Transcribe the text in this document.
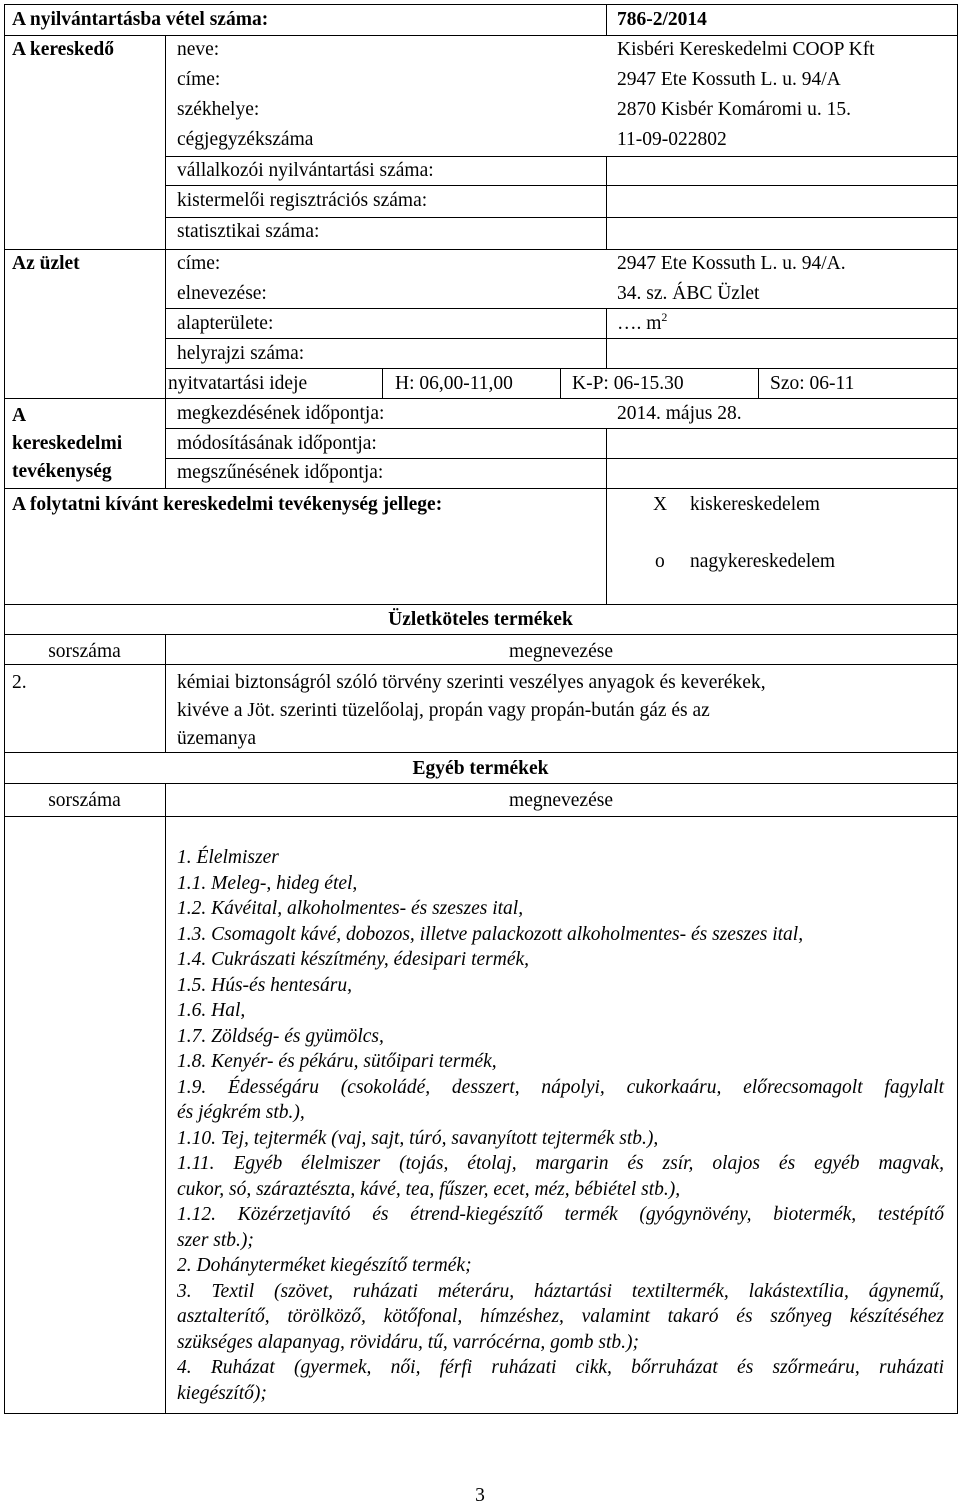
A nyilvántartásba vétel száma:	786-2/2014
A kereskedő	neve:	Kisbéri Kereskedelmi COOP Kft
címe:	2947 Ete Kossuth L. u. 94/A
székhelye:	2870 Kisbér Komáromi u. 15.
cégjegyzékszáma	11-09-022802
vállalkozói nyilvántartási száma:
kistermelői regisztrációs száma:
statisztikai száma:
Az üzlet	címe:	2947 Ete Kossuth L. u. 94/A.
elnevezése:	34. sz. ÁBC Üzlet
alapterülete:	…. $m^2$
helyrajzi száma:
nyitvatartási ideje	H: 06,00-11,00	K-P: 06-15.30	Szo: 06-11
A
kereskedelmi
tevékenység
megkezdésének időpontja:	2014. május 28.
módosításának időpontja:
megszűnésének időpontja:
A folytatni kívánt kereskedelmi tevékenység jellege:	X kiskereskedelem
o nagykereskedelem
Üzletköteles termékek
sorszáma	megnevezése
2.	kémiai biztonságról szóló törvény szerinti veszélyes anyagok és keverékek,
kivéve a Jöt. szerinti tüzelőolaj, propán vagy propán-bután gáz és az
üzemanya
Egyéb termékek
sorszáma	megnevezése
1. Élelmiszer
1.1. Meleg-, hideg étel,
1.2. Kávéital, alkoholmentes- és szeszes ital,
1.3. Csomagolt kávé, dobozos, illetve palackozott alkoholmentes- és szeszes ital,
1.4. Cukrászati készítmény, édesipari termék,
1.5. Hús-és hentesáru,
1.6. Hal,
1.7. Zöldség- és gyümölcs,
1.8. Kenyér- és pékáru, sütőipari termék,
1.9. Édességáru (csokoládé, desszert, nápolyi, cukorkaáru, előrecsomagolt fagylalt
és jégkrém stb.),
1.10. Tej, tejtermék (vaj, sajt, túró, savanyított tejtermék stb.),
1.11. Egyéb élelmiszer (tojás, étolaj, margarin és zsír, olajos és egyéb magvak,
cukor, só, száraztészta, kávé, tea, fűszer, ecet, méz, bébiétel stb.),
1.12. Közérzetjavító és étrend-kiegészítő termék (gyógynövény, biotermék, testépítő
szer stb.);
2. Dohányterméket kiegészítő termék;
3. Textil (szövet, ruházati méteráru, háztartási textiltermék, lakástextília, ágynemű,
asztalterítő, törölköző, kötőfonal, hímzéshez, valamint takaró és szőnyeg készítéséhez
szükséges alapanyag, rövidáru, tű, varrócérna, gomb stb.);
4. Ruházat (gyermek, női, férfi ruházati cikk, bőrruházat és szőrmeáru, ruházati
kiegészítő);
3
